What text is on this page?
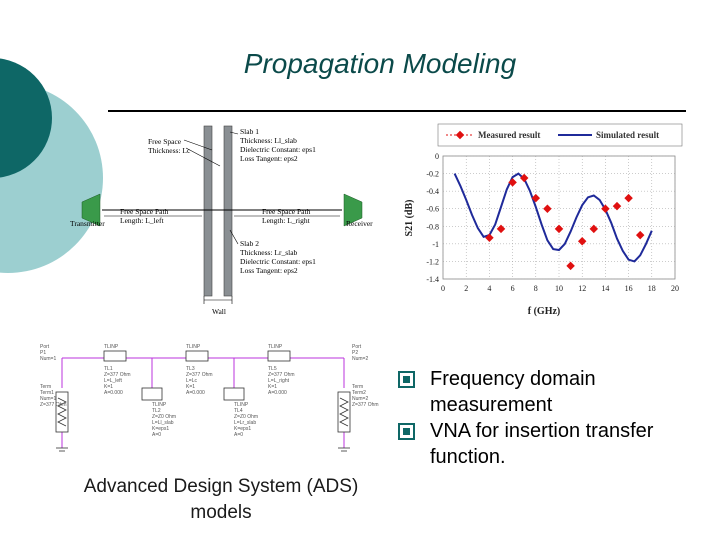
Propagation Modeling
Free Space
Thickness: Lc
Slab 1
Thickness: Ll_slab
Dielectric Constant: eps1
Loss Tangent: eps2
Free Space Path
Length: L_left
Free Space Path
Length: L_right
Transmitter	Receiver
Slab 2
Thickness: Lr_slab
Dielectric Constant: eps1
Loss Tangent: eps2
Wall
Measured result	Simulated result
0 2 4 6 8 10 12 14 16 18 20
0
-0.2
-0.4
-0.6
-0.8
-1
-1.2
-1.4
f (GHz)
S21 (dB)
Port
P1
Num=1
Port
P2
Num=2
Term
Term1
Num=1
Z=377 Ohm
Term
Term2
Num=2
Z=377 Ohm
TLINP
TL1
Z=377 Ohm
L=L_left
K=1
A=0.000
TLINP
TL3
Z=377 Ohm
L=Lc
K=1
A=0.000
TLINP
TL5
Z=377 Ohm
L=L_right
K=1
A=0.000
TLINP
TL2
Z=Z0 Ohm
L=Ll_slab
K=eps1
A=0
TLINP
TL4
Z=Z0 Ohm
L=Lr_slab
K=eps1
A=0
Frequency domain measurement
VNA for insertion transfer function.
Advanced Design System (ADS) models
